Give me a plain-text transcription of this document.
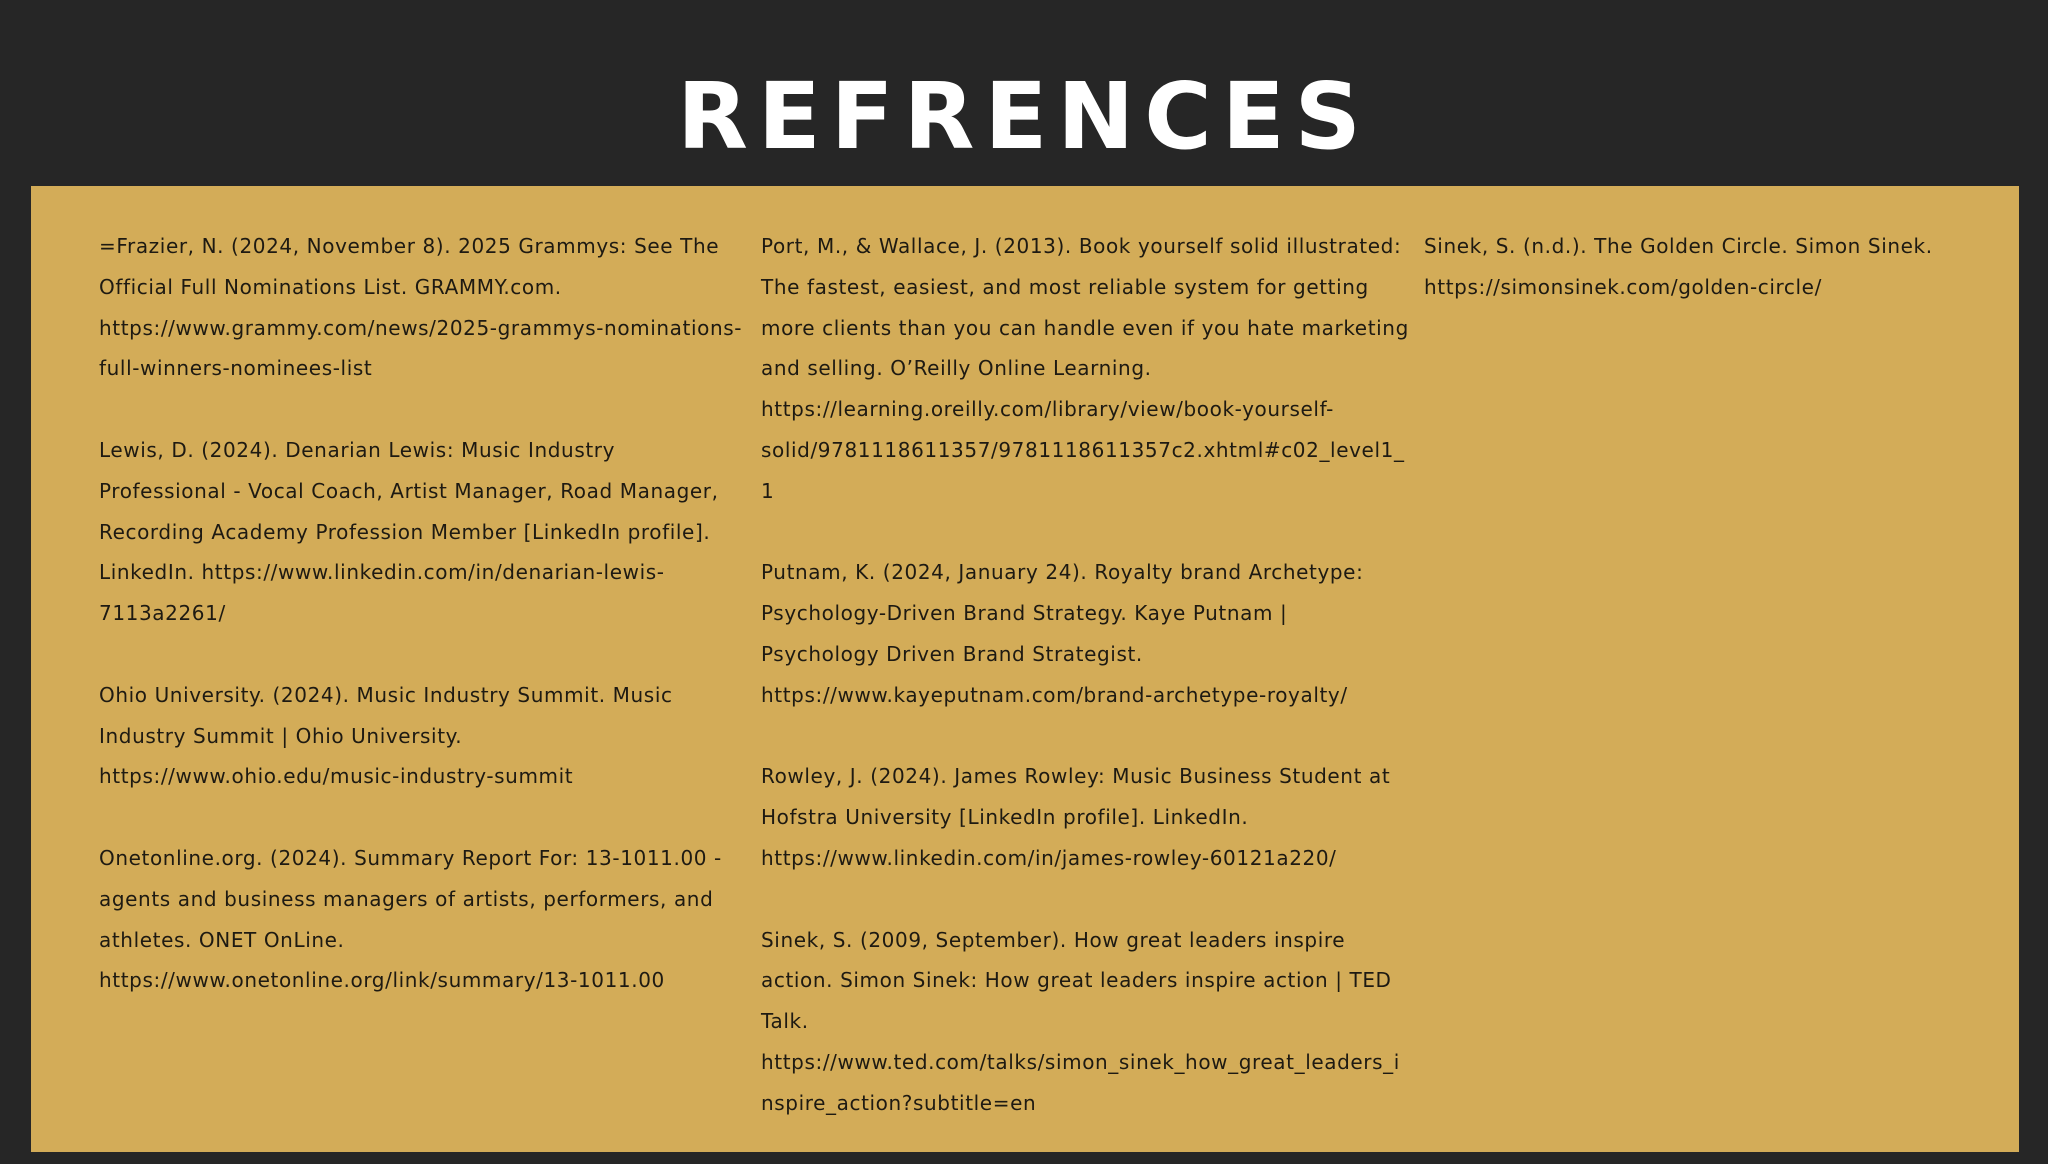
REFRENCES

=Frazier, N. (2024, November 8). 2025 Grammys: See The Official Full Nominations List. GRAMMY.com. https://www.grammy.com/news/2025-grammys-nominations-full-winners-nominees-list

Lewis, D. (2024). Denarian Lewis: Music Industry Professional - Vocal Coach, Artist Manager, Road Manager, Recording Academy Profession Member [LinkedIn profile]. LinkedIn. https://www.linkedin.com/in/denarian-lewis-7113a2261/

Ohio University. (2024). Music Industry Summit. Music Industry Summit | Ohio University. https://www.ohio.edu/music-industry-summit

Onetonline.org. (2024). Summary Report For: 13-1011.00 - agents and business managers of artists, performers, and athletes. ONET OnLine. https://www.onetonline.org/link/summary/13-1011.00

Port, M., & Wallace, J. (2013). Book yourself solid illustrated: The fastest, easiest, and most reliable system for getting more clients than you can handle even if you hate marketing and selling. O’Reilly Online Learning. https://learning.oreilly.com/library/view/book-yourself-solid/9781118611357/9781118611357c2.xhtml#c02_level1_1

Putnam, K. (2024, January 24). Royalty brand Archetype: Psychology-Driven Brand Strategy. Kaye Putnam | Psychology Driven Brand Strategist. https://www.kayeputnam.com/brand-archetype-royalty/

Rowley, J. (2024). James Rowley: Music Business Student at Hofstra University [LinkedIn profile]. LinkedIn. https://www.linkedin.com/in/james-rowley-60121a220/

Sinek, S. (2009, September). How great leaders inspire action. Simon Sinek: How great leaders inspire action | TED Talk. https://www.ted.com/talks/simon_sinek_how_great_leaders_inspire_action?subtitle=en

Sinek, S. (n.d.). The Golden Circle. Simon Sinek. https://simonsinek.com/golden-circle/
